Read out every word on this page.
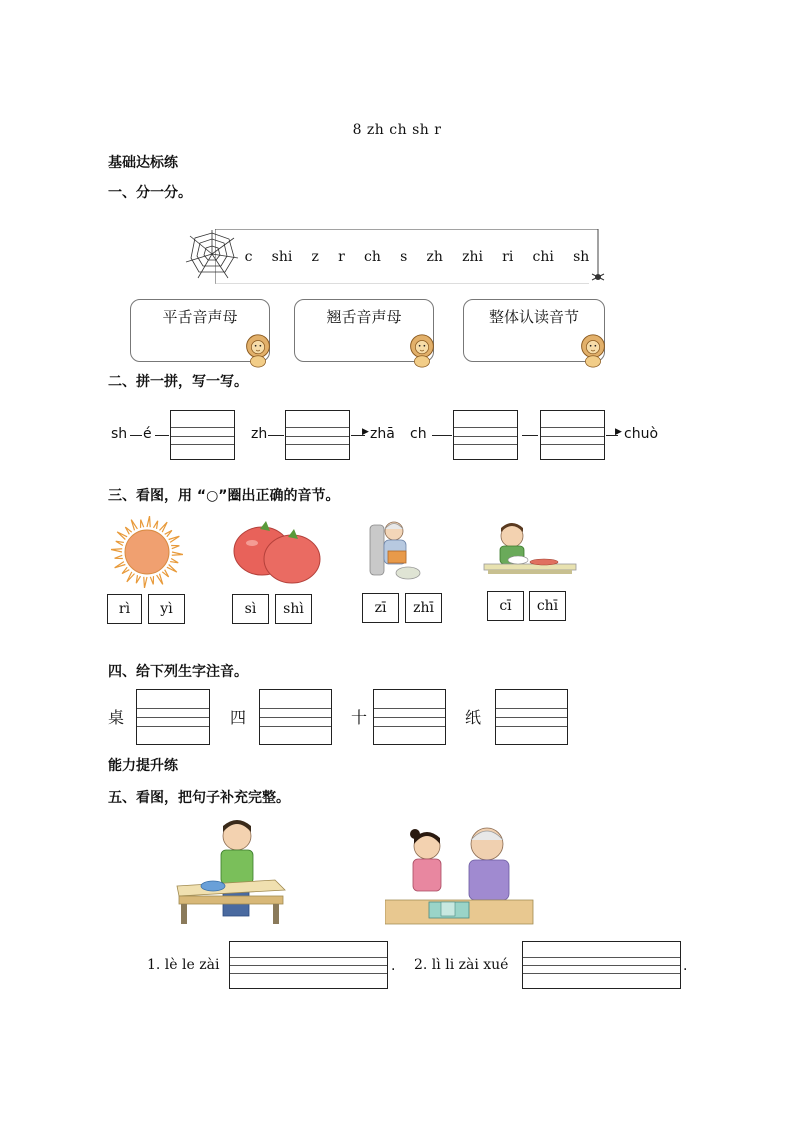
8 zh ch sh r
基础达标练
一、分一分。
c shi z r ch s zh zhi ri chi sh
平舌音声母	翘舌音声母	整体认读音节
二、拼一拼，写一写。
sh é	zh	▶ zhā ch	▶ chuò
三、看图，用 “○”圈出正确的音节。
rì	yì	sì	shì	zī	zhī	cī	chī
四、给下列生字注音。
桌	四	十	纸
能力提升练
五、看图，把句子补充完整。
1. lè le zài	. 2. lì li zài xué	.
